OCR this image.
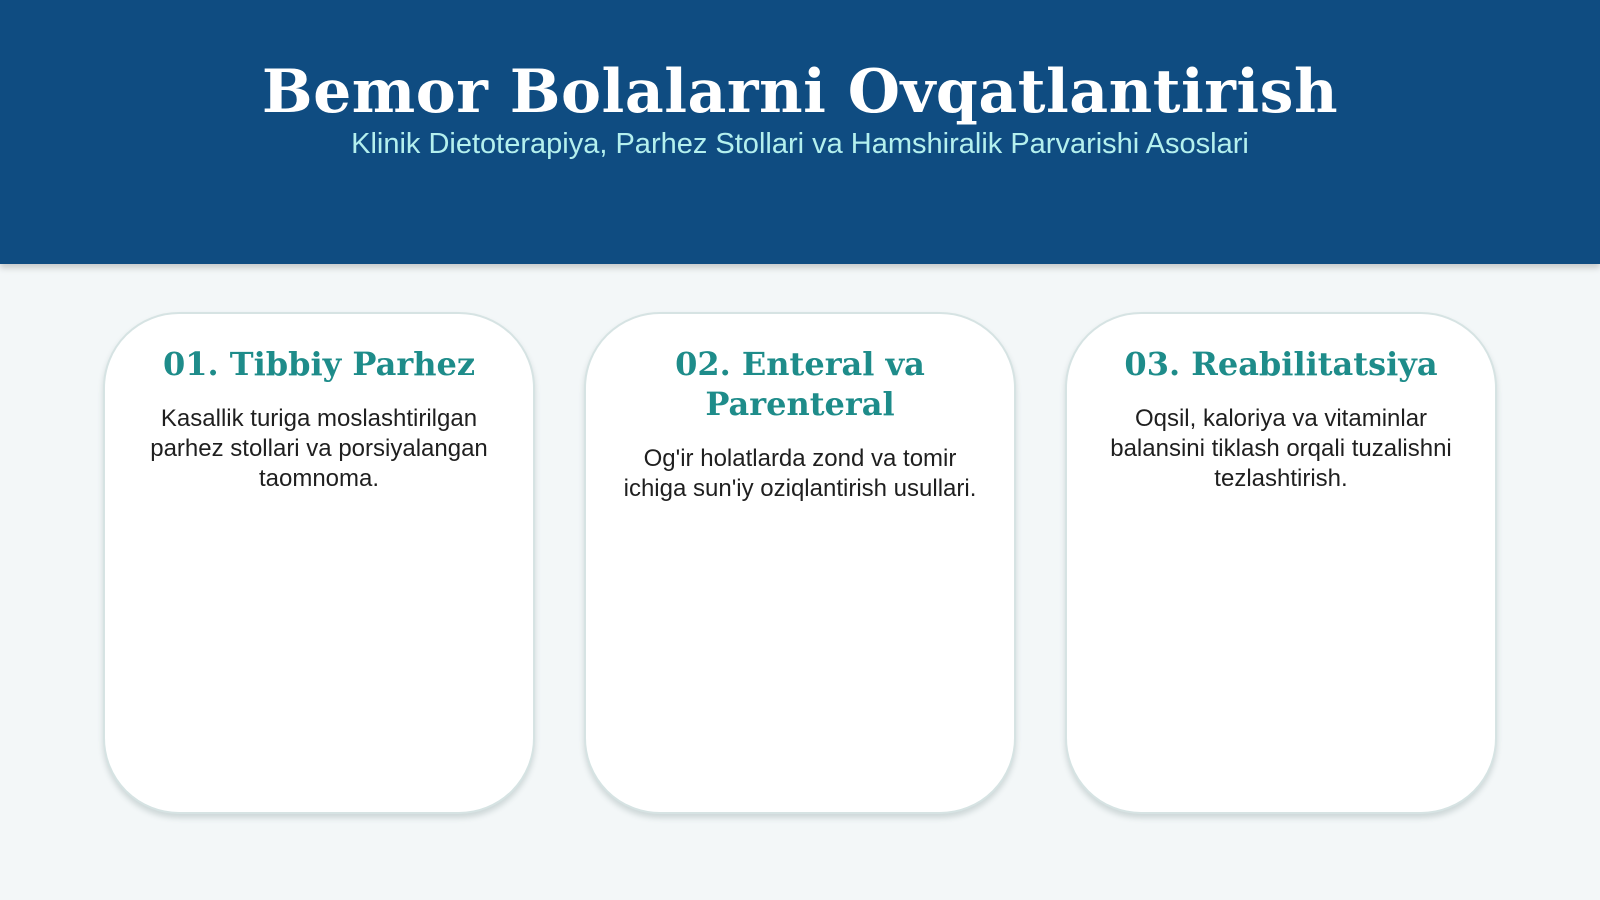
Bemor Bolalarni Ovqatlantirish

Klinik Dietoterapiya, Parhez Stollari va Hamshiralik Parvarishi Asoslari

01. Tibbiy Parhez

Kasallik turiga moslashtirilgan parhez stollari va porsiyalangan taomnoma.

02. Enteral va Parenteral

Og'ir holatlarda zond va tomir ichiga sun'iy oziqlantirish usullari.

03. Reabilitatsiya

Oqsil, kaloriya va vitaminlar balansini tiklash orqali tuzalishni tezlashtirish.
